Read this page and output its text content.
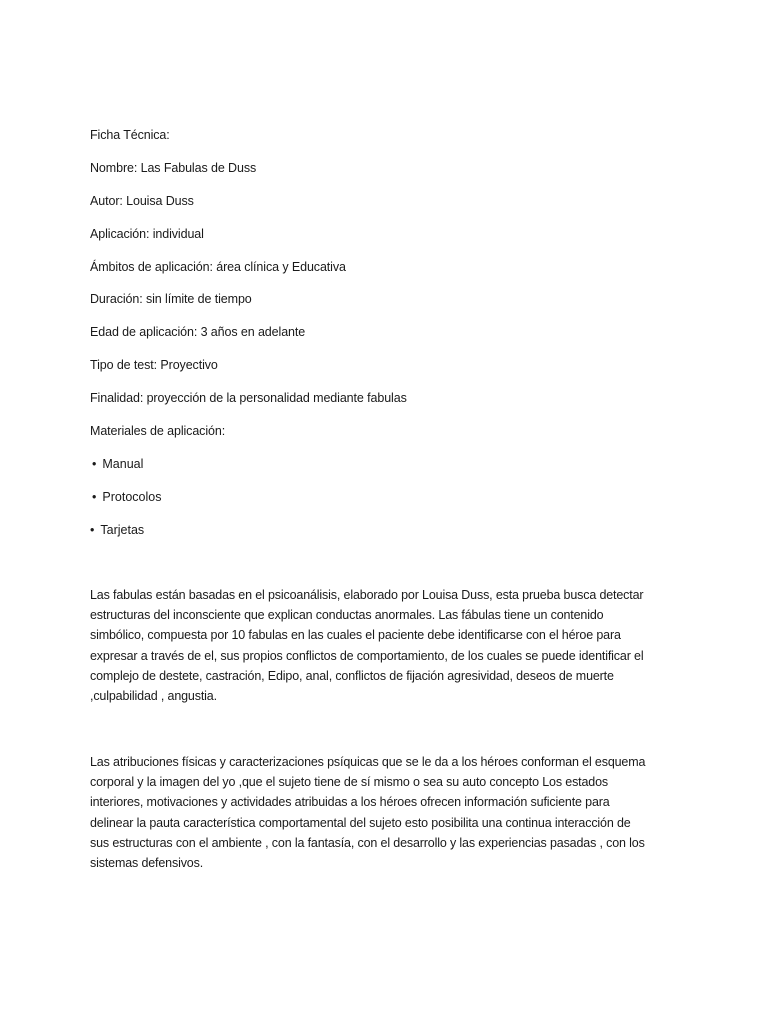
Ficha Técnica:
Nombre: Las Fabulas de Duss
Autor: Louisa Duss
Aplicación: individual
Ámbitos de aplicación: área clínica y Educativa
Duración: sin límite de tiempo
Edad de aplicación: 3 años en adelante
Tipo de test: Proyectivo
Finalidad: proyección de la personalidad mediante fabulas
Materiales de aplicación:
• Manual
• Protocolos
• Tarjetas
Las fabulas están basadas en el psicoanálisis, elaborado por Louisa Duss, esta prueba busca detectar
estructuras del inconsciente que explican conductas anormales. Las fábulas tiene un contenido
simbólico, compuesta por 10 fabulas en las cuales el paciente debe identificarse con el héroe para
expresar a través de el, sus propios conflictos de comportamiento, de los cuales se puede identificar el
complejo de destete, castración, Edipo, anal, conflictos de fijación agresividad, deseos de muerte
,culpabilidad , angustia.
Las atribuciones físicas y caracterizaciones psíquicas que se le da a los héroes conforman el esquema
corporal y la imagen del yo ,que el sujeto tiene de sí mismo o sea su auto concepto Los estados
interiores, motivaciones y actividades atribuidas a los héroes ofrecen información suficiente para
delinear la pauta característica comportamental del sujeto esto posibilita una continua interacción de
sus estructuras con el ambiente , con la fantasía, con el desarrollo y las experiencias pasadas , con los
sistemas defensivos.
